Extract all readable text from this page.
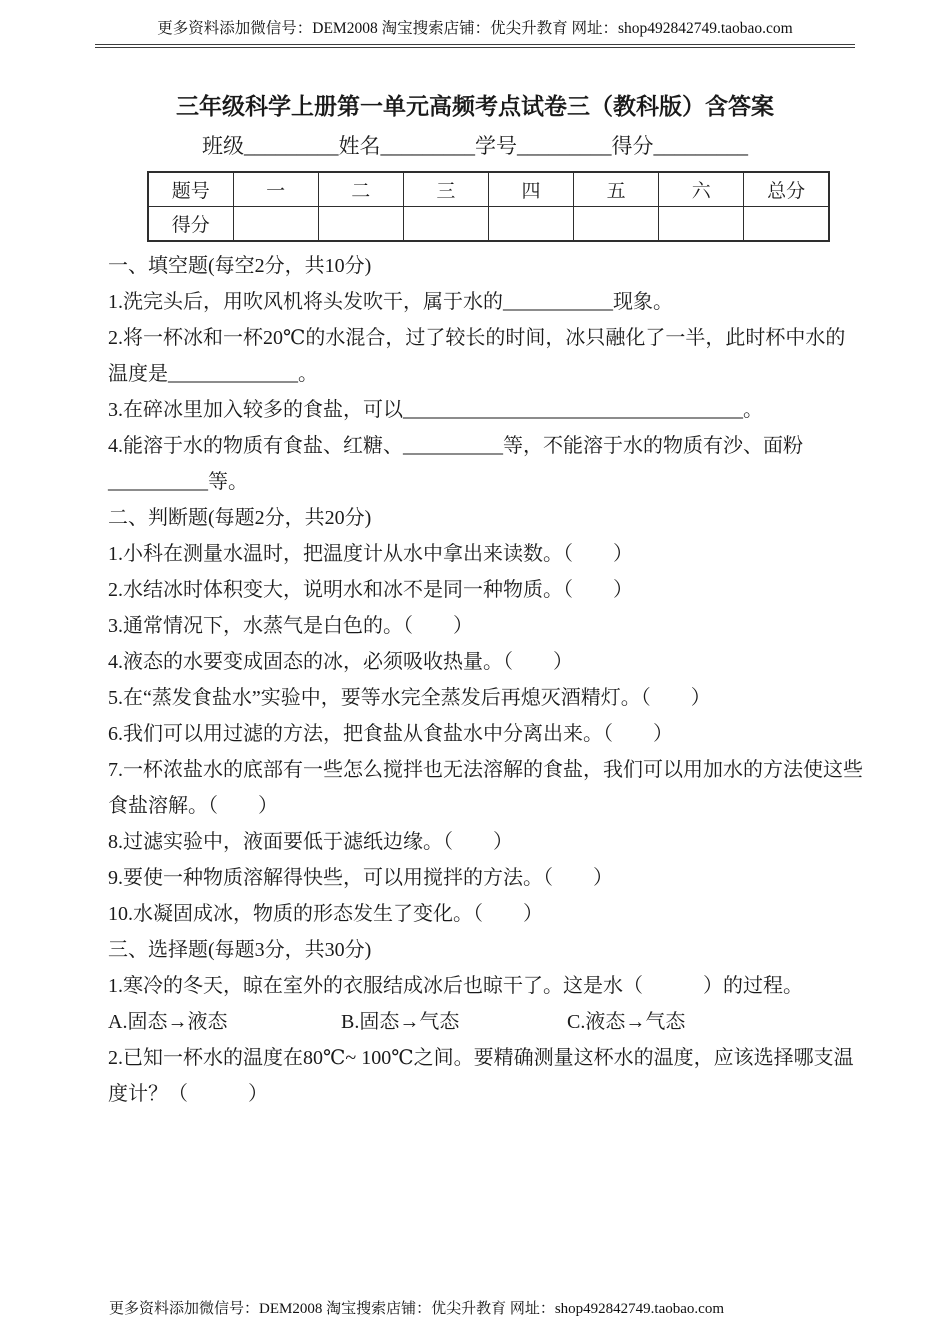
更多资料添加微信号：DEM2008 淘宝搜索店铺：优尖升教育 网址：shop492842749.taobao.com
三年级科学上册第一单元高频考点试卷三（教科版）含答案
班级_________姓名_________学号_________得分_________
题号	一	二	三	四	五	六	总分
得分							
一、填空题(每空2分，共10分)
1.洗完头后，用吹风机将头发吹干，属于水的___________现象。
2.将一杯冰和一杯20℃的水混合，过了较长的时间，冰只融化了一半，此时杯中水的
温度是_____________。
3.在碎冰里加入较多的食盐，可以__________________________________。
4.能溶于水的物质有食盐、红糖、__________等，不能溶于水的物质有沙、面粉
__________等。
二、判断题(每题2分，共20分)
1.小科在测量水温时，把温度计从水中拿出来读数。（　　）
2.水结冰时体积变大，说明水和冰不是同一种物质。（　　）
3.通常情况下，水蒸气是白色的。（　　）
4.液态的水要变成固态的冰，必须吸收热量。（　　）
5.在“蒸发食盐水”实验中，要等水完全蒸发后再熄灭酒精灯。（　　）
6.我们可以用过滤的方法，把食盐从食盐水中分离出来。（　　）
7.一杯浓盐水的底部有一些怎么搅拌也无法溶解的食盐，我们可以用加水的方法使这些
食盐溶解。（　　）
8.过滤实验中，液面要低于滤纸边缘。（　　）
9.要使一种物质溶解得快些，可以用搅拌的方法。（　　）
10.水凝固成冰，物质的形态发生了变化。（　　）
三、选择题(每题3分，共30分)
1.寒冷的冬天，晾在室外的衣服结成冰后也晾干了。这是水（　　　）的过程。
A.固态→液态	B.固态→气态	C.液态→气态
2.已知一杯水的温度在80℃~ 100℃之间。要精确测量这杯水的温度，应该选择哪支温
度计？（　　　）
更多资料添加微信号：DEM2008 淘宝搜索店铺：优尖升教育 网址：shop492842749.taobao.com
